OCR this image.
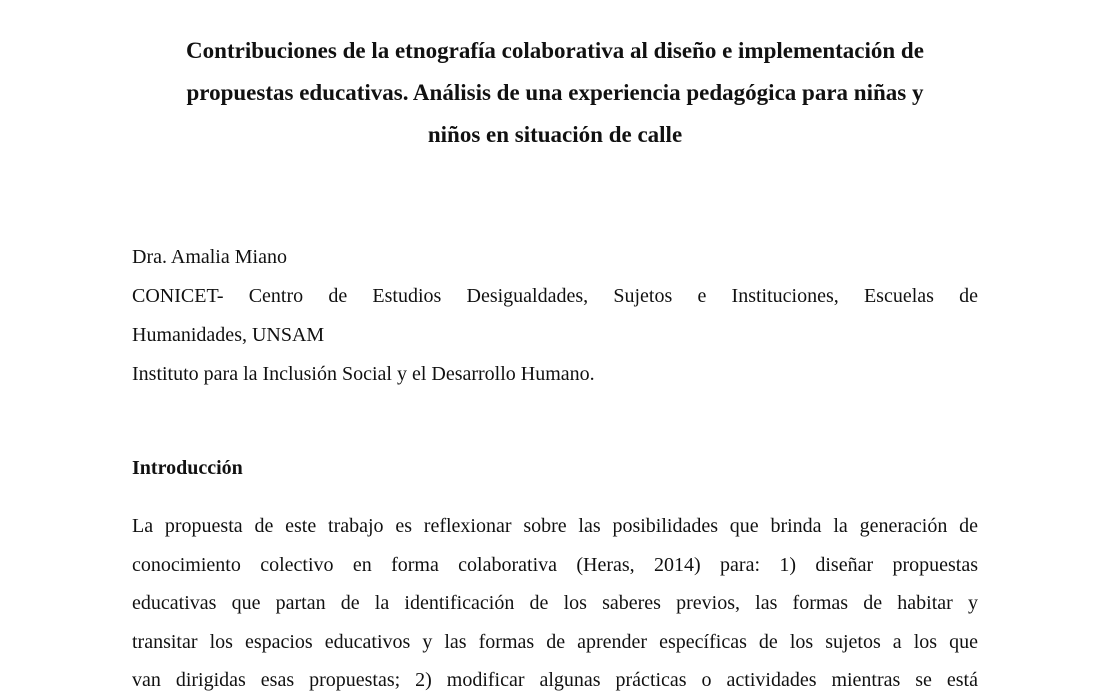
Contribuciones de la etnografía colaborativa al diseño e implementación de
propuestas educativas. Análisis de una experiencia pedagógica para niñas y
niños en situación de calle
Dra. Amalia Miano
CONICET- Centro de Estudios Desigualdades, Sujetos e Instituciones, Escuelas de
Humanidades, UNSAM
Instituto para la Inclusión Social y el Desarrollo Humano.
Introducción
La propuesta de este trabajo es reflexionar sobre las posibilidades que brinda la generación de
conocimiento colectivo en forma colaborativa (Heras, 2014) para: 1) diseñar propuestas
educativas que partan de la identificación de los saberes previos, las formas de habitar y
transitar los espacios educativos y las formas de aprender específicas de los sujetos a los que
van dirigidas esas propuestas; 2) modificar algunas prácticas o actividades mientras se está
